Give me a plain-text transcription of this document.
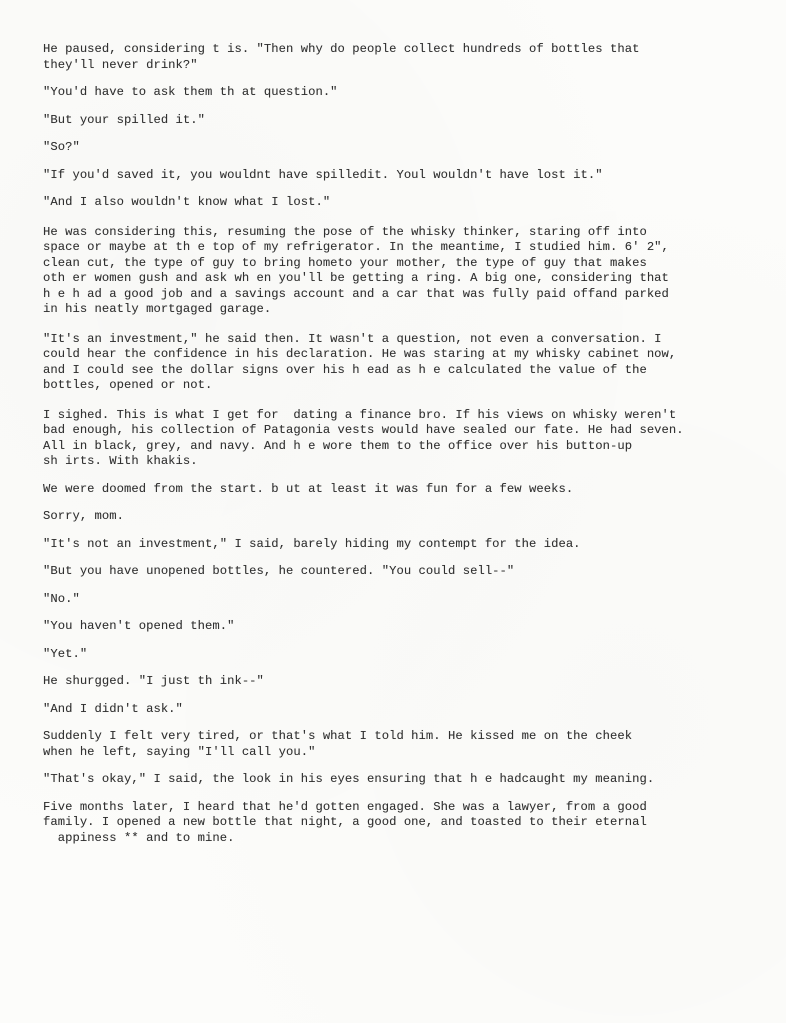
He paused, considering t is. "Then why do people collect hundreds of bottles that
they'll never drink?"

"You'd have to ask them th at question."

"But your spilled it."

"So?"

"If you'd saved it, you wouldnt have spilledit. Youl wouldn't have lost it."

"And I also wouldn't know what I lost."

He was considering this, resuming the pose of the whisky thinker, staring off into
space or maybe at th e top of my refrigerator. In the meantime, I studied him. 6' 2",
clean cut, the type of guy to bring hometo your mother, the type of guy that makes
oth er women gush and ask wh en you'll be getting a ring. A big one, considering that
h e h ad a good job and a savings account and a car that was fully paid offand parked
in his neatly mortgaged garage.

"It's an investment," he said then. It wasn't a question, not even a conversation. I
could hear the confidence in his declaration. He was staring at my whisky cabinet now,
and I could see the dollar signs over his h ead as h e calculated the value of the
bottles, opened or not.

I sighed. This is what I get for  dating a finance bro. If his views on whisky weren't
bad enough, his collection of Patagonia vests would have sealed our fate. He had seven.
All in black, grey, and navy. And h e wore them to the office over his button-up
sh irts. With khakis.

We were doomed from the start. b ut at least it was fun for a few weeks.

Sorry, mom.

"It's not an investment," I said, barely hiding my contempt for the idea.

"But you have unopened bottles, he countered. "You could sell--"

"No."

"You haven't opened them."

"Yet."

He shurgged. "I just th ink--"

"And I didn't ask."

Suddenly I felt very tired, or that's what I told him. He kissed me on the cheek
when he left, saying "I'll call you."

"That's okay," I said, the look in his eyes ensuring that h e hadcaught my meaning.

Five months later, I heard that he'd gotten engaged. She was a lawyer, from a good
family. I opened a new bottle that night, a good one, and toasted to their eternal
appiness ** and to mine.
